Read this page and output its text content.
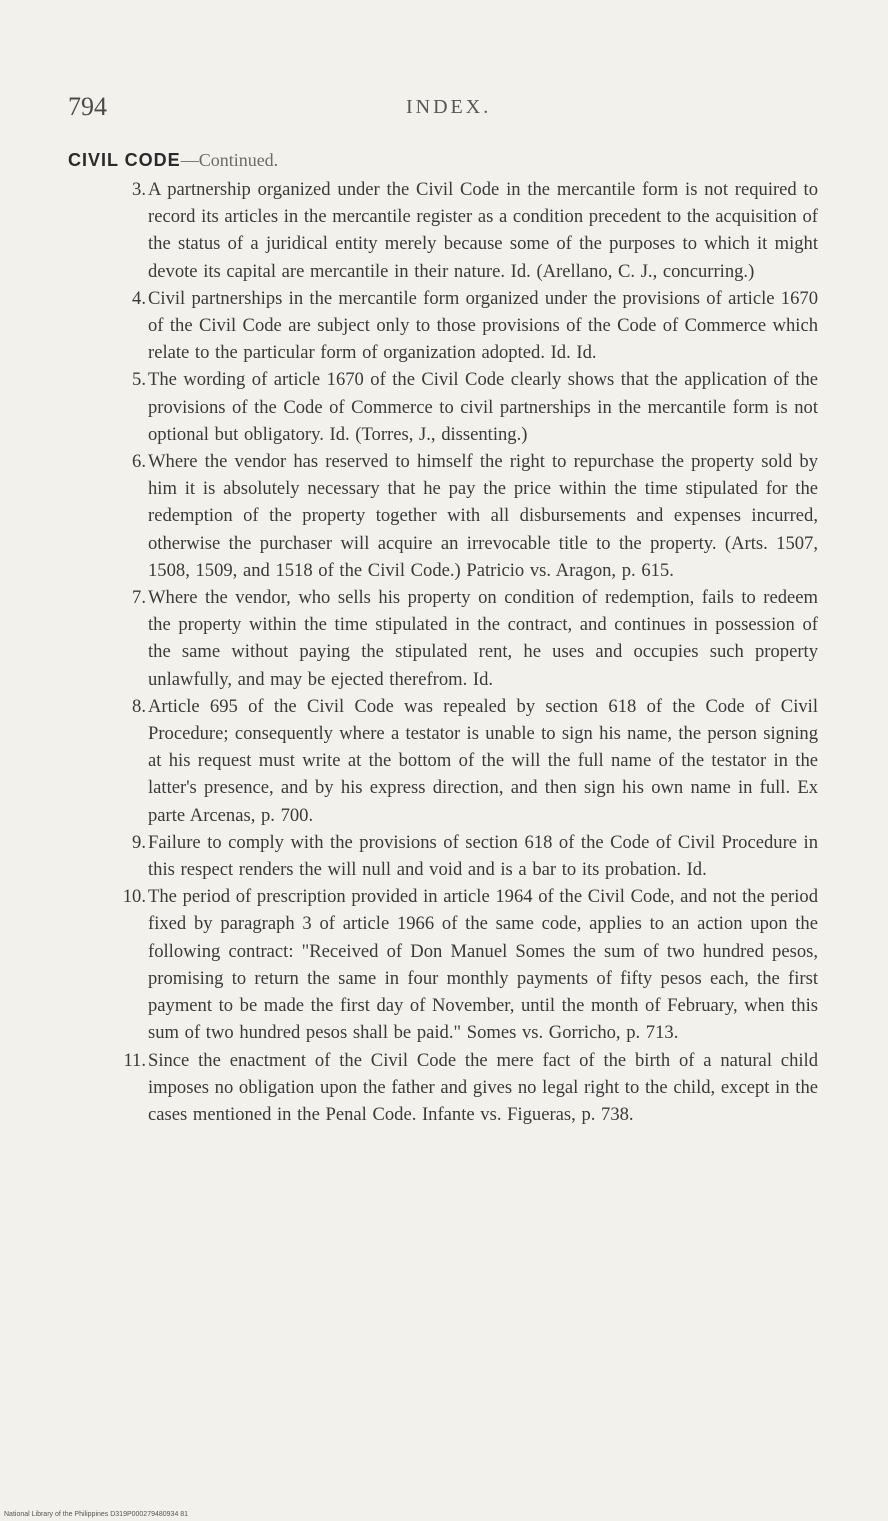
794	INDEX.
CIVIL CODE—Continued.
3. A partnership organized under the Civil Code in the mercantile form is not required to record its articles in the mercantile register as a condition precedent to the acquisition of the status of a juridical entity merely because some of the purposes to which it might devote its capital are mercantile in their nature. Id. (Arellano, C. J., concurring.)

4. Civil partnerships in the mercantile form organized under the provisions of article 1670 of the Civil Code are subject only to those provisions of the Code of Commerce which relate to the particular form of organization adopted. Id. Id.

5. The wording of article 1670 of the Civil Code clearly shows that the application of the provisions of the Code of Commerce to civil partnerships in the mercantile form is not optional but obligatory. Id. (Torres, J., dissenting.)

6. Where the vendor has reserved to himself the right to repurchase the property sold by him it is absolutely necessary that he pay the price within the time stipulated for the redemption of the property together with all disbursements and expenses incurred, otherwise the purchaser will acquire an irrevocable title to the property. (Arts. 1507, 1508, 1509, and 1518 of the Civil Code.) Patricio vs. Aragon, p. 615.

7. Where the vendor, who sells his property on condition of redemption, fails to redeem the property within the time stipulated in the contract, and continues in possession of the same without paying the stipulated rent, he uses and occupies such property unlawfully, and may be ejected therefrom. Id.

8. Article 695 of the Civil Code was repealed by section 618 of the Code of Civil Procedure; consequently where a testator is unable to sign his name, the person signing at his request must write at the bottom of the will the full name of the testator in the latter's presence, and by his express direction, and then sign his own name in full. Ex parte Arcenas, p. 700.

9. Failure to comply with the provisions of section 618 of the Code of Civil Procedure in this respect renders the will null and void and is a bar to its probation. Id.

10. The period of prescription provided in article 1964 of the Civil Code, and not the period fixed by paragraph 3 of article 1966 of the same code, applies to an action upon the following contract: "Received of Don Manuel Somes the sum of two hundred pesos, promising to return the same in four monthly payments of fifty pesos each, the first payment to be made the first day of November, until the month of February, when this sum of two hundred pesos shall be paid." Somes vs. Gorricho, p. 713.

11. Since the enactment of the Civil Code the mere fact of the birth of a natural child imposes no obligation upon the father and gives no legal right to the child, except in the cases mentioned in the Penal Code. Infante vs. Figueras, p. 738.

National Library of the Philippines D319P000279480934 81
